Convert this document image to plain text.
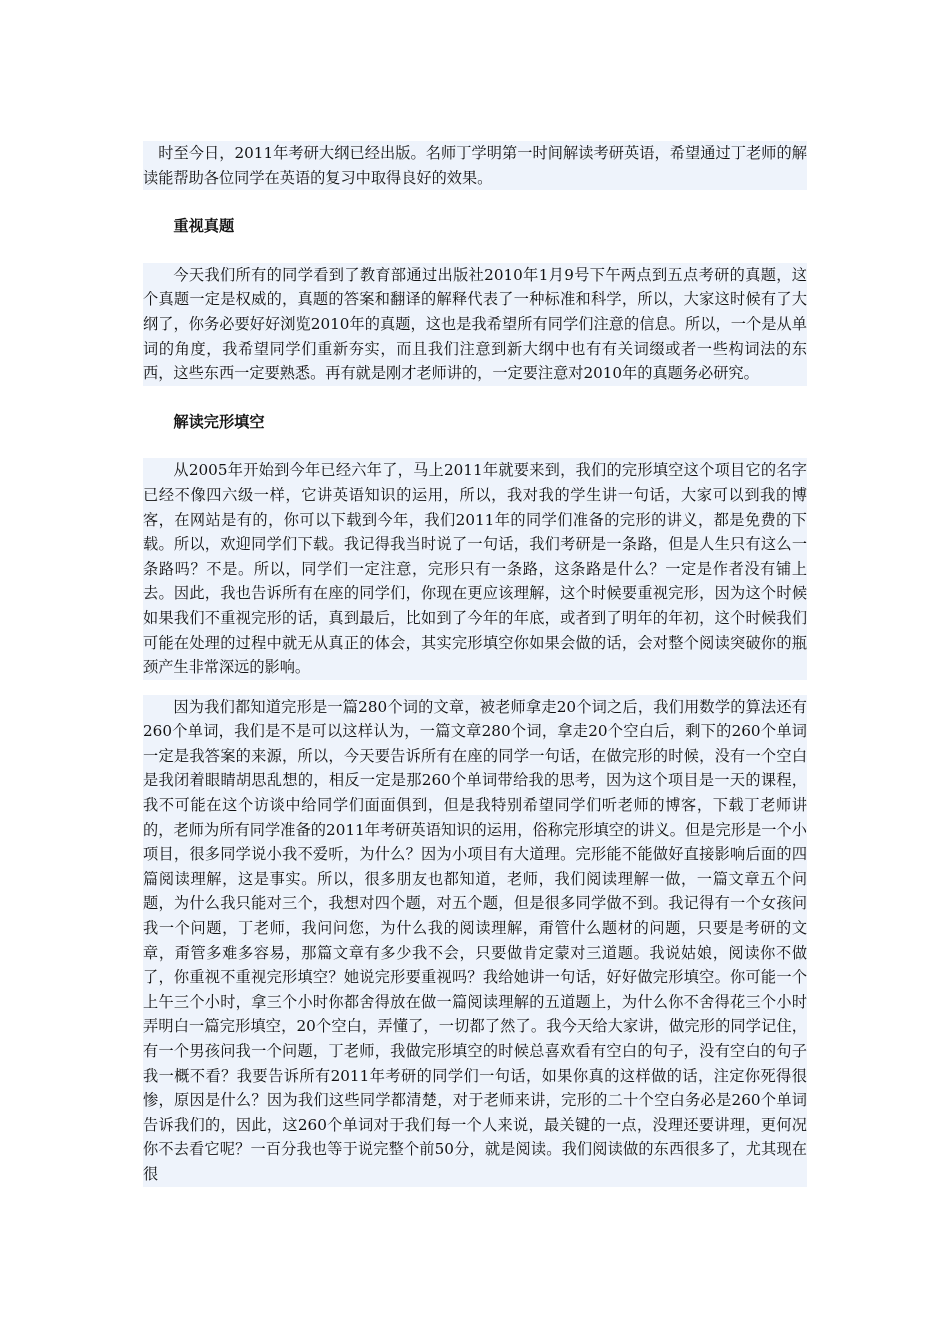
时至今日，2011年考研大纲已经出版。名师丁学明第一时间解读考研英语，希望通过丁老师的解读能帮助各位同学在英语的复习中取得良好的效果。

重视真题

今天我们所有的同学看到了教育部通过出版社2010年1月9号下午两点到五点考研的真题，这个真题一定是权威的，真题的答案和翻译的解释代表了一种标准和科学，所以，大家这时候有了大纲了，你务必要好好浏览2010年的真题，这也是我希望所有同学们注意的信息。所以，一个是从单词的角度，我希望同学们重新夯实，而且我们注意到新大纲中也有有关词缀或者一些构词法的东西，这些东西一定要熟悉。再有就是刚才老师讲的，一定要注意对2010年的真题务必研究。

解读完形填空

从2005年开始到今年已经六年了，马上2011年就要来到，我们的完形填空这个项目它的名字已经不像四六级一样，它讲英语知识的运用，所以，我对我的学生讲一句话，大家可以到我的博客，在网站是有的，你可以下载到今年，我们2011年的同学们准备的完形的讲义，都是免费的下载。所以，欢迎同学们下载。我记得我当时说了一句话，我们考研是一条路，但是人生只有这么一条路吗？不是。所以，同学们一定注意，完形只有一条路，这条路是什么？一定是作者没有铺上去。因此，我也告诉所有在座的同学们，你现在更应该理解，这个时候要重视完形，因为这个时候如果我们不重视完形的话，真到最后，比如到了今年的年底，或者到了明年的年初，这个时候我们可能在处理的过程中就无从真正的体会，其实完形填空你如果会做的话，会对整个阅读突破你的瓶颈产生非常深远的影响。

因为我们都知道完形是一篇280个词的文章，被老师拿走20个词之后，我们用数学的算法还有260个单词，我们是不是可以这样认为，一篇文章280个词，拿走20个空白后，剩下的260个单词一定是我答案的来源，所以，今天要告诉所有在座的同学一句话，在做完形的时候，没有一个空白是我闭着眼睛胡思乱想的，相反一定是那260个单词带给我的思考，因为这个项目是一天的课程，我不可能在这个访谈中给同学们面面俱到，但是我特别希望同学们听老师的博客，下载丁老师讲的，老师为所有同学准备的2011年考研英语知识的运用，俗称完形填空的讲义。但是完形是一个小项目，很多同学说小我不爱听，为什么？因为小项目有大道理。完形能不能做好直接影响后面的四篇阅读理解，这是事实。所以，很多朋友也都知道，老师，我们阅读理解一做，一篇文章五个问题，为什么我只能对三个，我想对四个题，对五个题，但是很多同学做不到。我记得有一个女孩问我一个问题，丁老师，我问问您，为什么我的阅读理解，甭管什么题材的问题，只要是考研的文章，甭管多难多容易，那篇文章有多少我不会，只要做肯定蒙对三道题。我说姑娘，阅读你不做了，你重视不重视完形填空？她说完形要重视吗？我给她讲一句话，好好做完形填空。你可能一个上午三个小时，拿三个小时你都舍得放在做一篇阅读理解的五道题上，为什么你不舍得花三个小时弄明白一篇完形填空，20个空白，弄懂了，一切都了然了。我今天给大家讲，做完形的同学记住，有一个男孩问我一个问题，丁老师，我做完形填空的时候总喜欢看有空白的句子，没有空白的句子我一概不看？我要告诉所有2011年考研的同学们一句话，如果你真的这样做的话，注定你死得很惨，原因是什么？因为我们这些同学都清楚，对于老师来讲，完形的二十个空白务必是260个单词告诉我们的，因此，这260个单词对于我们每一个人来说，最关键的一点，没理还要讲理，更何况你不去看它呢？一百分我也等于说完整个前50分，就是阅读。我们阅读做的东西很多了，尤其现在很
